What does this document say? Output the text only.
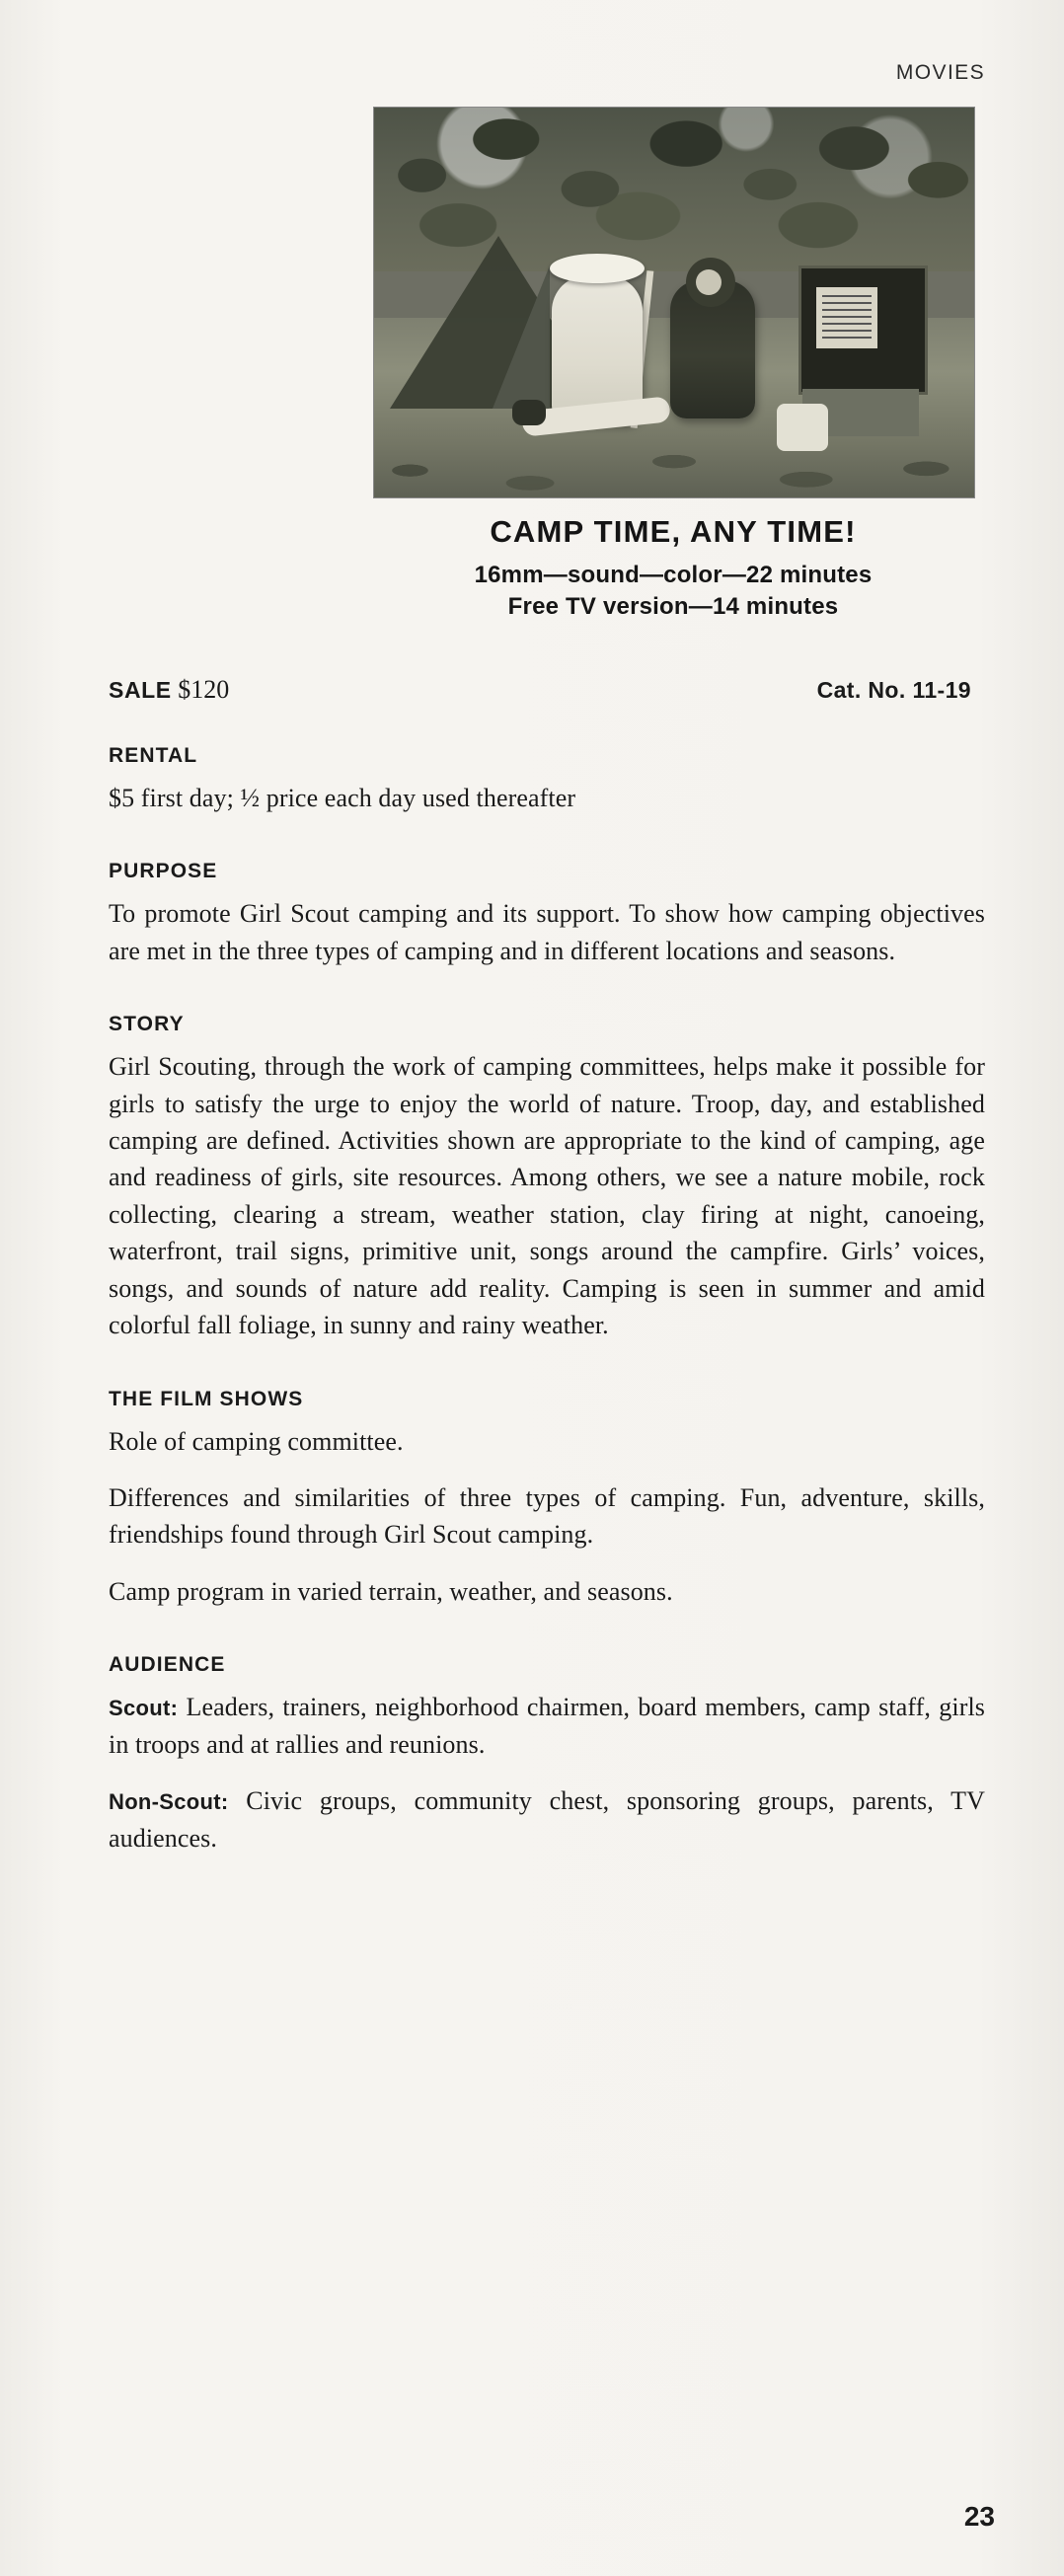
MOVIES
CAMP TIME, ANY TIME!

16mm—sound—color—22 minutes

Free TV version—14 minutes

SALE $120	Cat. No. 11-19
RENTAL

$5 first day; ½ price each day used thereafter

PURPOSE

To promote Girl Scout camping and its support. To show how camping objectives are met in the three types of camping and in different locations and seasons.

STORY

Girl Scouting, through the work of camping committees, helps make it possible for girls to satisfy the urge to enjoy the world of nature. Troop, day, and established camping are defined. Activities shown are appropriate to the kind of camping, age and readiness of girls, site resources. Among others, we see a nature mobile, rock collecting, clearing a stream, weather station, clay firing at night, canoeing, waterfront, trail signs, primitive unit, songs around the campfire. Girls’ voices, songs, and sounds of nature add reality. Camping is seen in summer and amid colorful fall foliage, in sunny and rainy weather.

THE FILM SHOWS

Role of camping committee.

Differences and similarities of three types of camping. Fun, adventure, skills, friendships found through Girl Scout camping.

Camp program in varied terrain, weather, and seasons.

AUDIENCE

Scout: Leaders, trainers, neighborhood chairmen, board members, camp staff, girls in troops and at rallies and reunions.

Non-Scout: Civic groups, community chest, sponsoring groups, parents, TV audiences.

23
